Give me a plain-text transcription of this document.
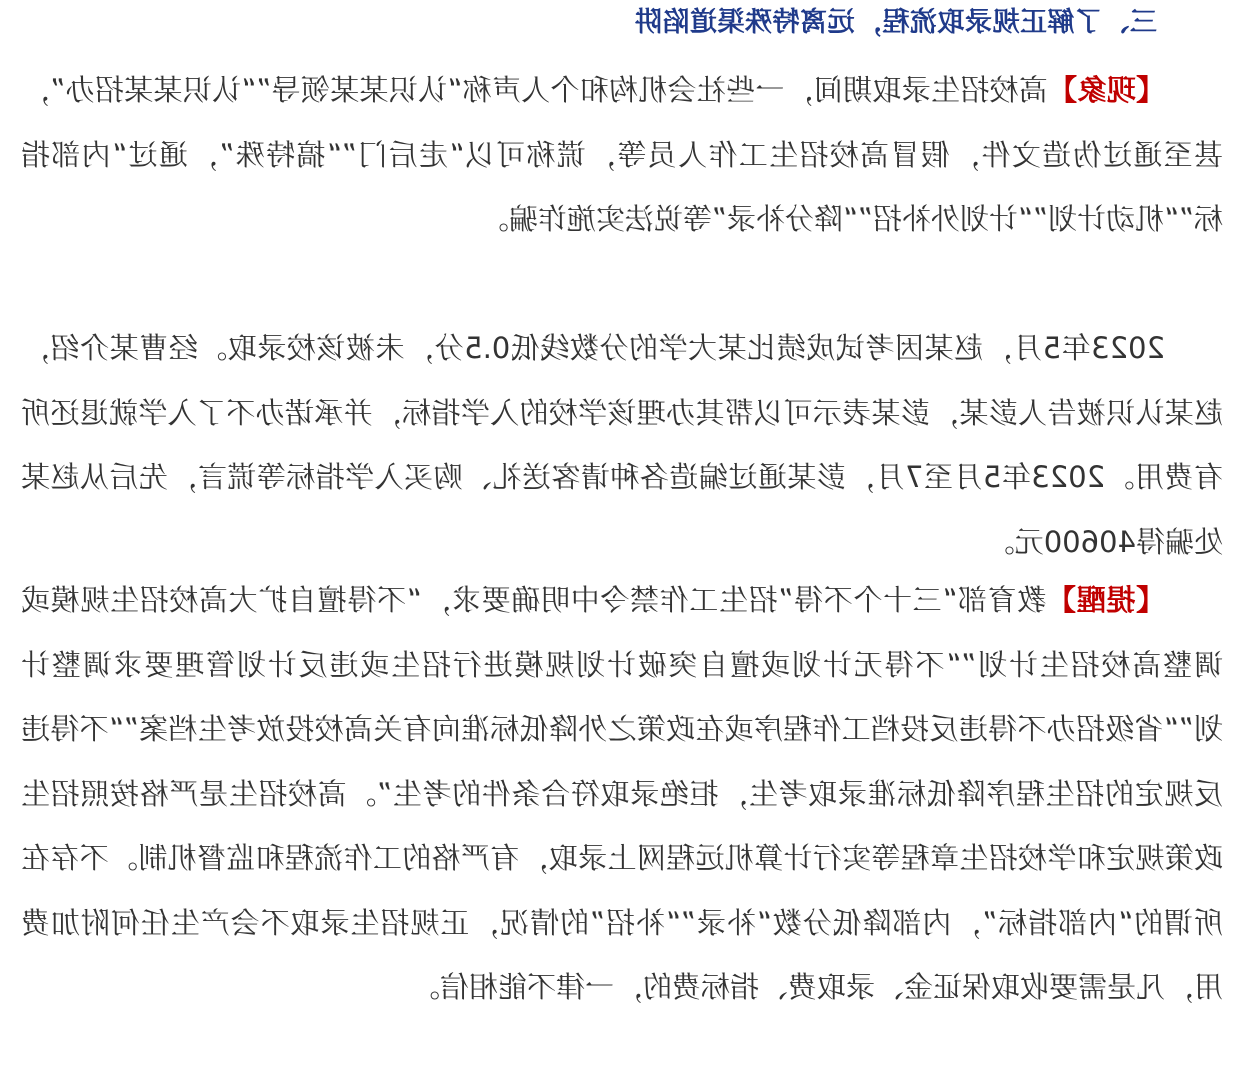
三、了解正规录取流程，远离特殊渠道陷阱
【现象】高校招生录取期间，一些社会机构和个人声称“认识某某领导”“认识某某招办”，甚至通过伪造文件，假冒高校招生工作人员等，谎称可以“走后门”“搞特殊”，通过“内部指标”“机动计划”“计划外补招”“降分补录”等说法实施诈骗。
2023年5月，赵某因考试成绩比某大学的分数线低0.5分，未被该校录取。经曹某介绍，赵某认识被告人彭某，彭某表示可以帮其办理该学校的入学指标，并承诺办不了入学就退还所有费用。2023年5月至7月，彭某通过编造各种请客送礼、购买入学指标等谎言，先后从赵某处骗得40600元。
【提醒】教育部“三十个不得”招生工作禁令中明确要求，“不得擅自扩大高校招生规模或调整高校招生计划”“不得无计划或擅自突破计划规模进行招生或违反计划管理要求调整计划”“省级招办不得违反投档工作程序或在政策之外降低标准向有关高校投放考生档案”“不得违反规定的招生程序降低标准录取考生，拒绝录取符合条件的考生”。高校招生是严格按照招生政策规定和学校招生章程等实行计算机远程网上录取，有严格的工作流程和监督机制。不存在所谓的“内部指标”，内部降低分数“补录”“补招”的情况，正规招生录取不会产生任何附加费用，凡是需要收取保证金、录取费、指标费的，一律不能相信。
